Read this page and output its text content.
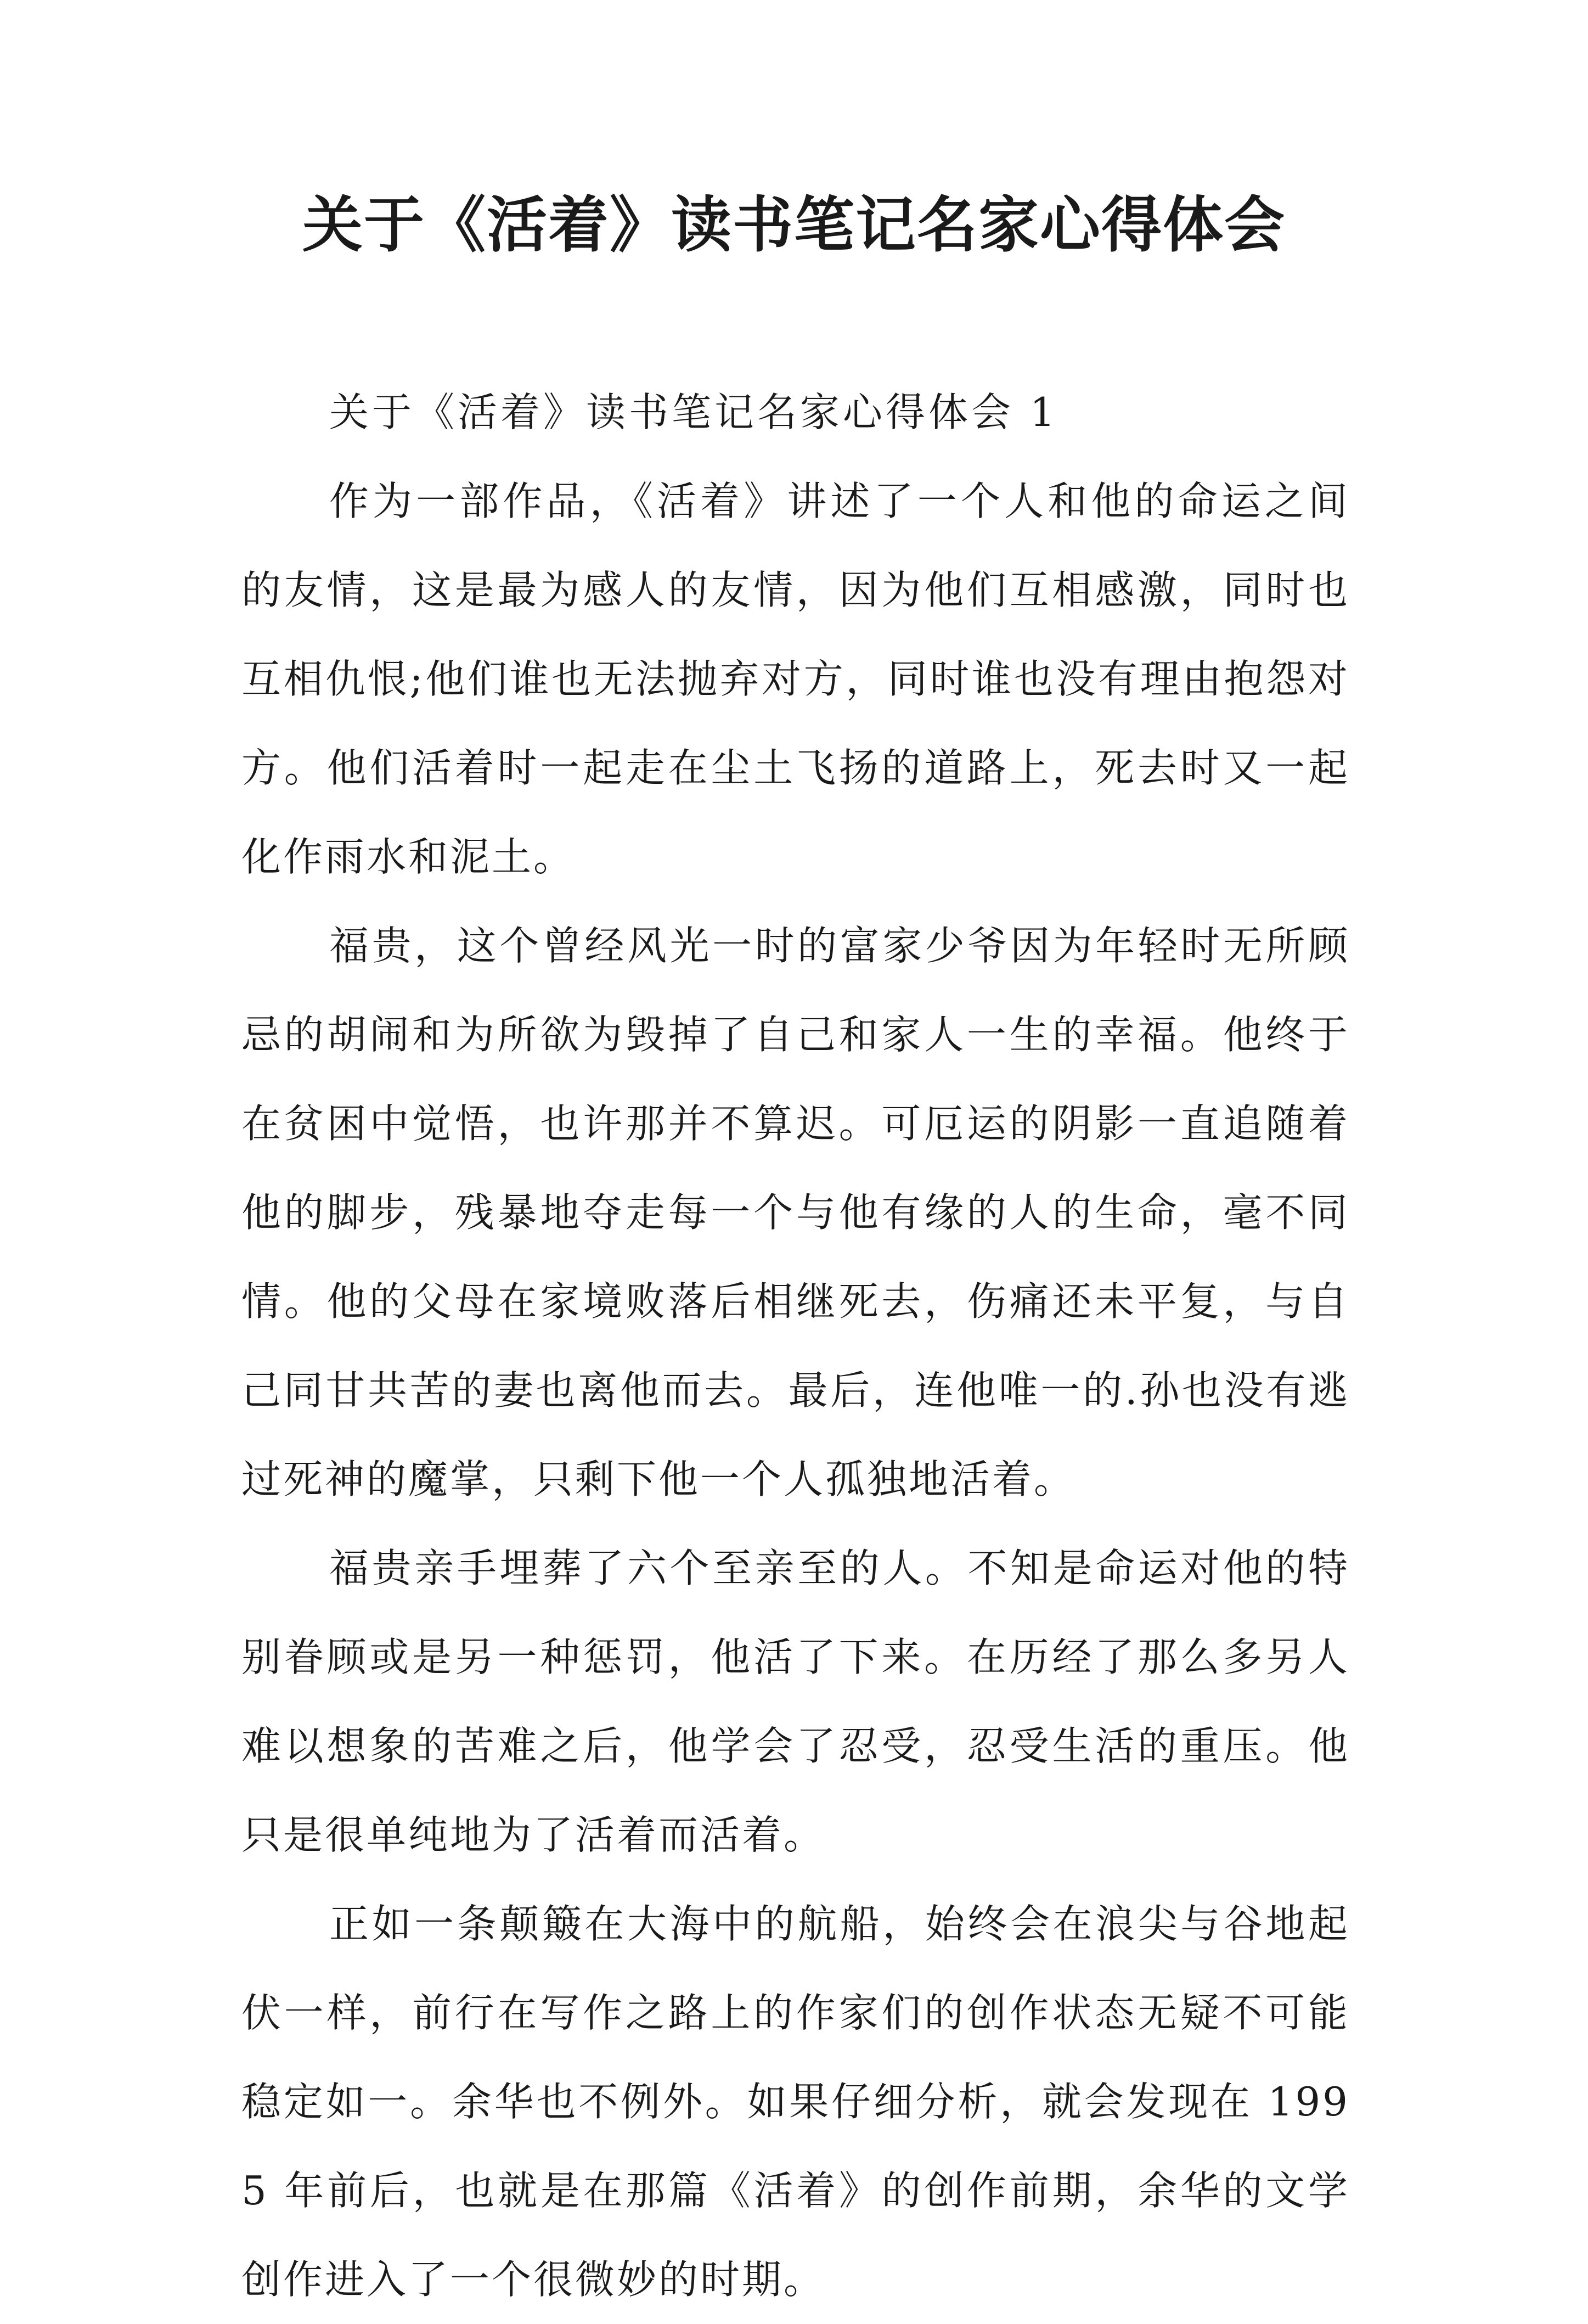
关于《活着》读书笔记名家心得体会

关于《活着》读书笔记名家心得体会 1

作为一部作品，《活着》讲述了一个人和他的命运之间的友情，这是最为感人的友情，因为他们互相感激，同时也互相仇恨;他们谁也无法抛弃对方，同时谁也没有理由抱怨对方。他们活着时一起走在尘土飞扬的道路上，死去时又一起化作雨水和泥土。

福贵，这个曾经风光一时的富家少爷因为年轻时无所顾忌的胡闹和为所欲为毁掉了自己和家人一生的幸福。他终于在贫困中觉悟，也许那并不算迟。可厄运的阴影一直追随着他的脚步，残暴地夺走每一个与他有缘的人的生命，毫不同情。他的父母在家境败落后相继死去，伤痛还未平复，与自己同甘共苦的妻也离他而去。最后，连他唯一的.孙也没有逃过死神的魔掌，只剩下他一个人孤独地活着。

福贵亲手埋葬了六个至亲至的人。不知是命运对他的特别眷顾或是另一种惩罚，他活了下来。在历经了那么多另人难以想象的苦难之后，他学会了忍受，忍受生活的重压。他只是很单纯地为了活着而活着。

正如一条颠簸在大海中的航船，始终会在浪尖与谷地起伏一样，前行在写作之路上的作家们的创作状态无疑不可能稳定如一。余华也不例外。如果仔细分析，就会发现在 1995 年前后，也就是在那篇《活着》的创作前期，余华的文学创作进入了一个很微妙的时期。
